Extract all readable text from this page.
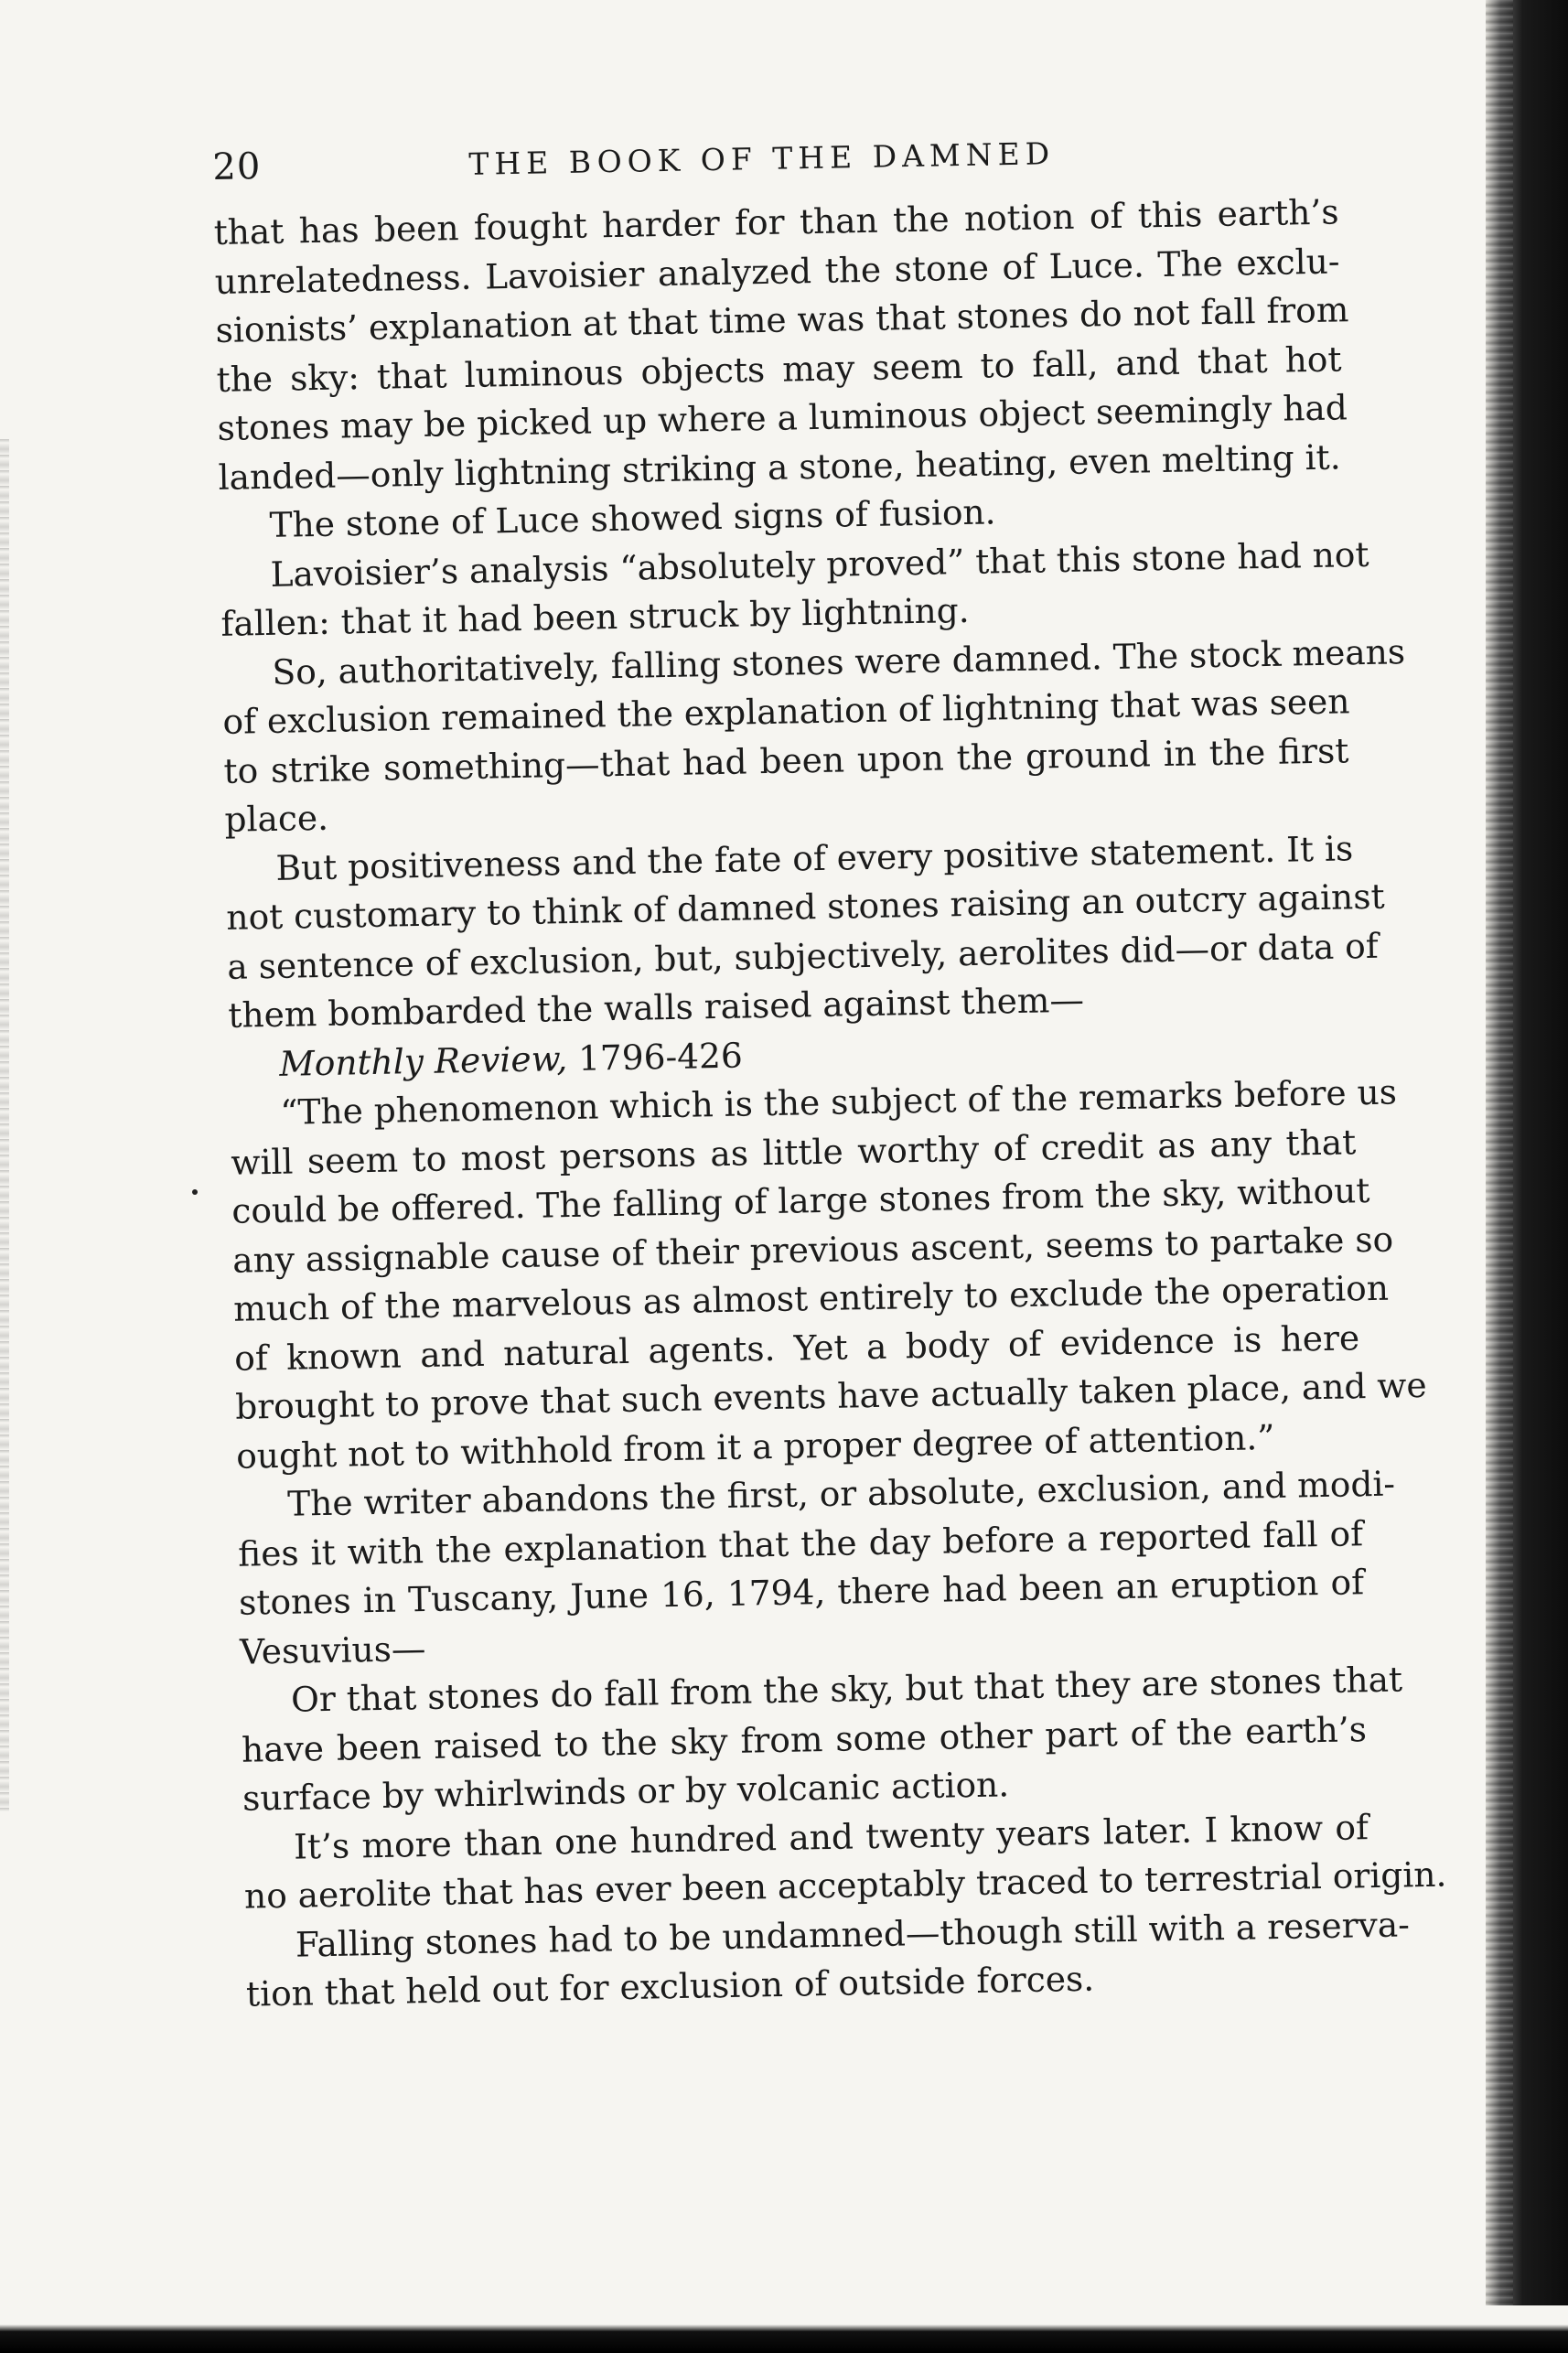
20	THE BOOK OF THE DAMNED
that has been fought harder for than the notion of this earth’s
unrelatedness. Lavoisier analyzed the stone of Luce. The exclu-
sionists’ explanation at that time was that stones do not fall from
the sky: that luminous objects may seem to fall, and that hot
stones may be picked up where a luminous object seemingly had
landed—only lightning striking a stone, heating, even melting it.
The stone of Luce showed signs of fusion.
Lavoisier’s analysis “absolutely proved” that this stone had not
fallen: that it had been struck by lightning.
So, authoritatively, falling stones were damned. The stock means
of exclusion remained the explanation of lightning that was seen
to strike something—that had been upon the ground in the first
place.
But positiveness and the fate of every positive statement. It is
not customary to think of damned stones raising an outcry against
a sentence of exclusion, but, subjectively, aerolites did—or data of
them bombarded the walls raised against them—
Monthly Review, 1796-426
“The phenomenon which is the subject of the remarks before us
will seem to most persons as little worthy of credit as any that
could be offered. The falling of large stones from the sky, without
any assignable cause of their previous ascent, seems to partake so
much of the marvelous as almost entirely to exclude the operation
of known and natural agents. Yet a body of evidence is here
brought to prove that such events have actually taken place, and we
ought not to withhold from it a proper degree of attention.”
The writer abandons the first, or absolute, exclusion, and modi-
fies it with the explanation that the day before a reported fall of
stones in Tuscany, June 16, 1794, there had been an eruption of
Vesuvius—
Or that stones do fall from the sky, but that they are stones that
have been raised to the sky from some other part of the earth’s
surface by whirlwinds or by volcanic action.
It’s more than one hundred and twenty years later. I know of
no aerolite that has ever been acceptably traced to terrestrial origin.
Falling stones had to be undamned—though still with a reserva-
tion that held out for exclusion of outside forces.
